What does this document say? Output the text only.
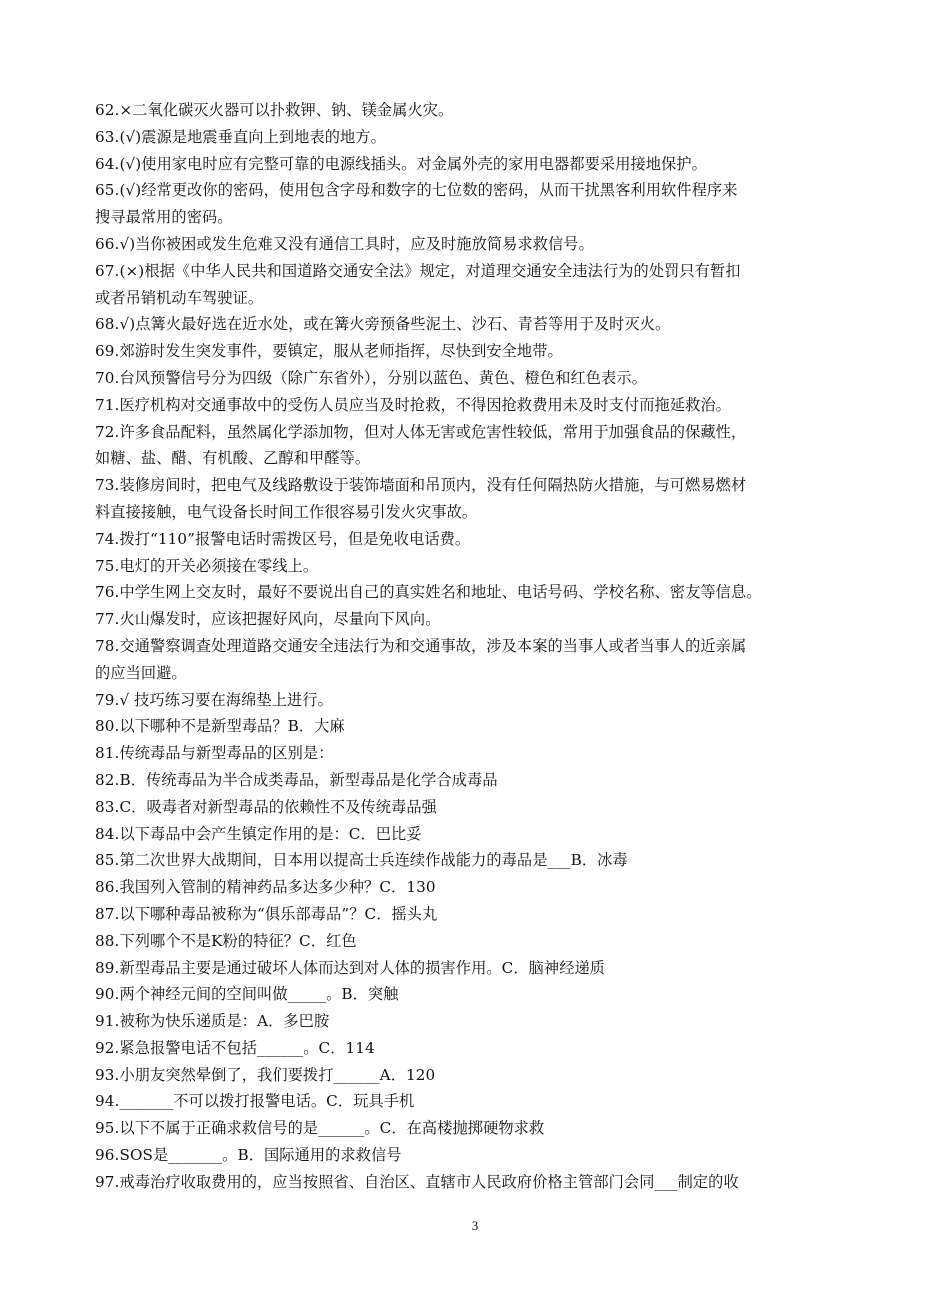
62.×二氧化碳灭火器可以扑救钾、钠、镁金属火灾。
63.(√)震源是地震垂直向上到地表的地方。
64.(√)使用家电时应有完整可靠的电源线插头。对金属外壳的家用电器都要采用接地保护。
65.(√)经常更改你的密码，使用包含字母和数字的七位数的密码，从而干扰黑客利用软件程序来
搜寻最常用的密码。
66.√)当你被困或发生危难又没有通信工具时，应及时施放简易求救信号。
67.(×)根据《中华人民共和国道路交通安全法》规定，对道理交通安全违法行为的处罚只有暂扣
或者吊销机动车驾驶证。
68.√)点篝火最好选在近水处，或在篝火旁预备些泥土、沙石、青苔等用于及时灭火。
69.郊游时发生突发事件，要镇定，服从老师指挥，尽快到安全地带。
70.台风预警信号分为四级（除广东省外），分别以蓝色、黄色、橙色和红色表示。
71.医疗机构对交通事故中的受伤人员应当及时抢救，不得因抢救费用未及时支付而拖延救治。
72.许多食品配料，虽然属化学添加物，但对人体无害或危害性较低，常用于加强食品的保藏性，
如糖、盐、醋、有机酸、乙醇和甲醛等。
73.装修房间时，把电气及线路敷设于装饰墙面和吊顶内，没有任何隔热防火措施，与可燃易燃材
料直接接触，电气设备长时间工作很容易引发火灾事故。
74.拨打“110”报警电话时需拨区号，但是免收电话费。
75.电灯的开关必须接在零线上。
76.中学生网上交友时，最好不要说出自己的真实姓名和地址、电话号码、学校名称、密友等信息。
77.火山爆发时，应该把握好风向，尽量向下风向。
78.交通警察调查处理道路交通安全违法行为和交通事故，涉及本案的当事人或者当事人的近亲属
的应当回避。
79.√ 技巧练习要在海绵垫上进行。
80.以下哪种不是新型毒品？B．大麻
81.传统毒品与新型毒品的区别是：
82.B．传统毒品为半合成类毒品，新型毒品是化学合成毒品
83.C．吸毒者对新型毒品的依赖性不及传统毒品强
84.以下毒品中会产生镇定作用的是：C．巴比妥
85.第二次世界大战期间，日本用以提高士兵连续作战能力的毒品是___B．冰毒
86.我国列入管制的精神药品多达多少种？C．130
87.以下哪种毒品被称为“俱乐部毒品”？C．摇头丸
88.下列哪个不是K粉的特征？C．红色
89.新型毒品主要是通过破坏人体而达到对人体的损害作用。C．脑神经递质
90.两个神经元间的空间叫做_____。B．突触
91.被称为快乐递质是：A．多巴胺
92.紧急报警电话不包括______。C．114
93.小朋友突然晕倒了，我们要拨打______A．120
94._______不可以拨打报警电话。C．玩具手机
95.以下不属于正确求救信号的是______。C．在高楼抛掷硬物求救
96.SOS是_______。B．国际通用的求救信号
97.戒毒治疗收取费用的，应当按照省、自治区、直辖市人民政府价格主管部门会同___制定的收
3
